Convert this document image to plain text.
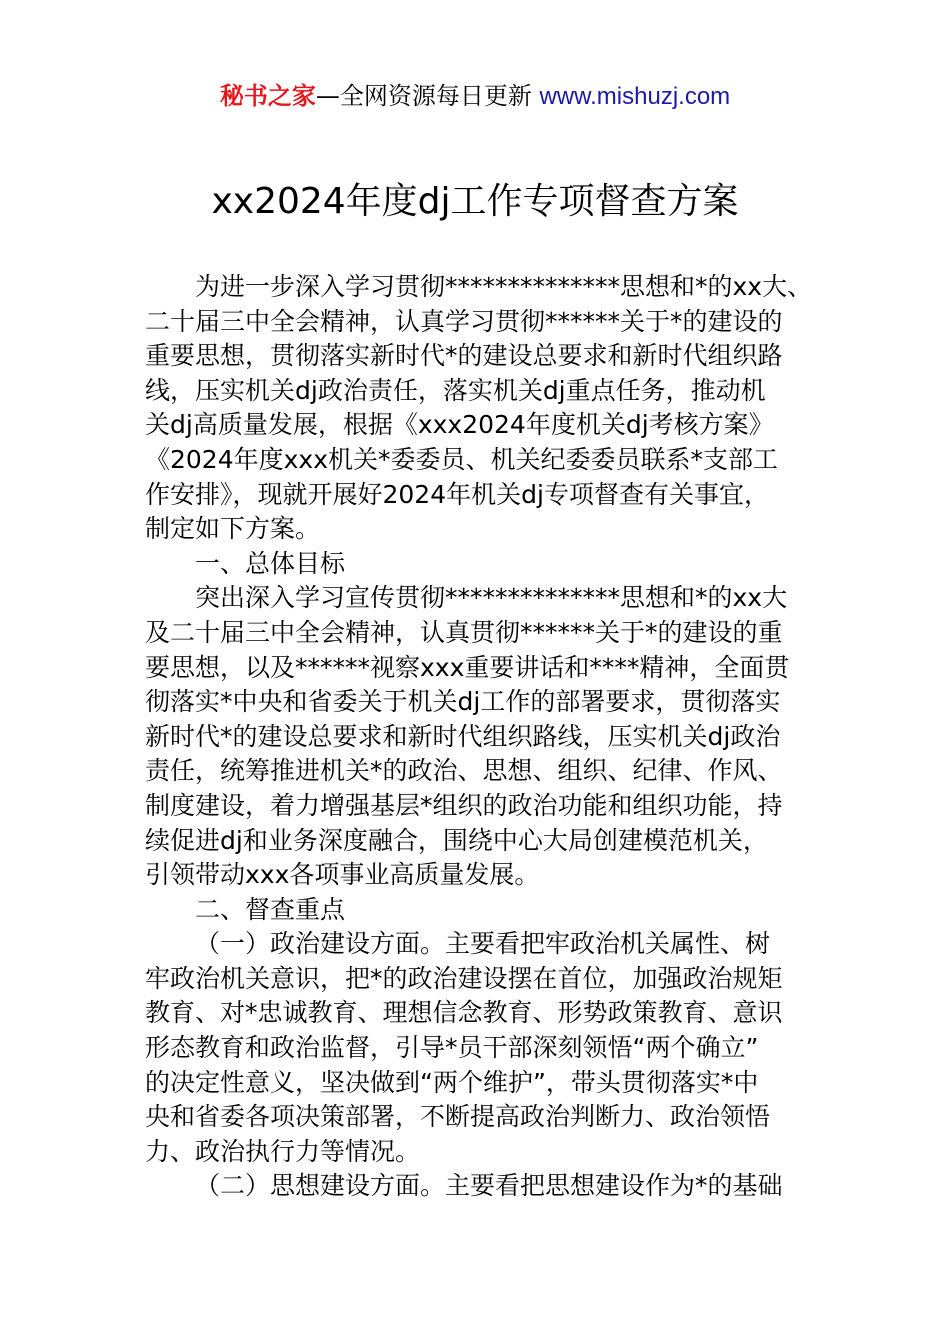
秘书之家—全网资源每日更新 www.mishuzj.com
xx2024年度dj工作专项督查方案
为进一步深入学习贯彻**************思想和*的xx大、
二十届三中全会精神，认真学习贯彻******关于*的建设的
重要思想，贯彻落实新时代*的建设总要求和新时代组织路
线，压实机关dj政治责任，落实机关dj重点任务，推动机
关dj高质量发展，根据《xxx2024年度机关dj考核方案》
《2024年度xxx机关*委委员、机关纪委委员联系*支部工
作安排》，现就开展好2024年机关dj专项督查有关事宜，
制定如下方案。
一、总体目标
突出深入学习宣传贯彻**************思想和*的xx大
及二十届三中全会精神，认真贯彻******关于*的建设的重
要思想，以及******视察xxx重要讲话和****精神，全面贯
彻落实*中央和省委关于机关dj工作的部署要求，贯彻落实
新时代*的建设总要求和新时代组织路线，压实机关dj政治
责任，统筹推进机关*的政治、思想、组织、纪律、作风、
制度建设，着力增强基层*组织的政治功能和组织功能，持
续促进dj和业务深度融合，围绕中心大局创建模范机关，
引领带动xxx各项事业高质量发展。
二、督查重点
（一）政治建设方面。主要看把牢政治机关属性、树
牢政治机关意识，把*的政治建设摆在首位，加强政治规矩
教育、对*忠诚教育、理想信念教育、形势政策教育、意识
形态教育和政治监督，引导*员干部深刻领悟“两个确立”
的决定性意义，坚决做到“两个维护”，带头贯彻落实*中
央和省委各项决策部署，不断提高政治判断力、政治领悟
力、政治执行力等情况。
（二）思想建设方面。主要看把思想建设作为*的基础
